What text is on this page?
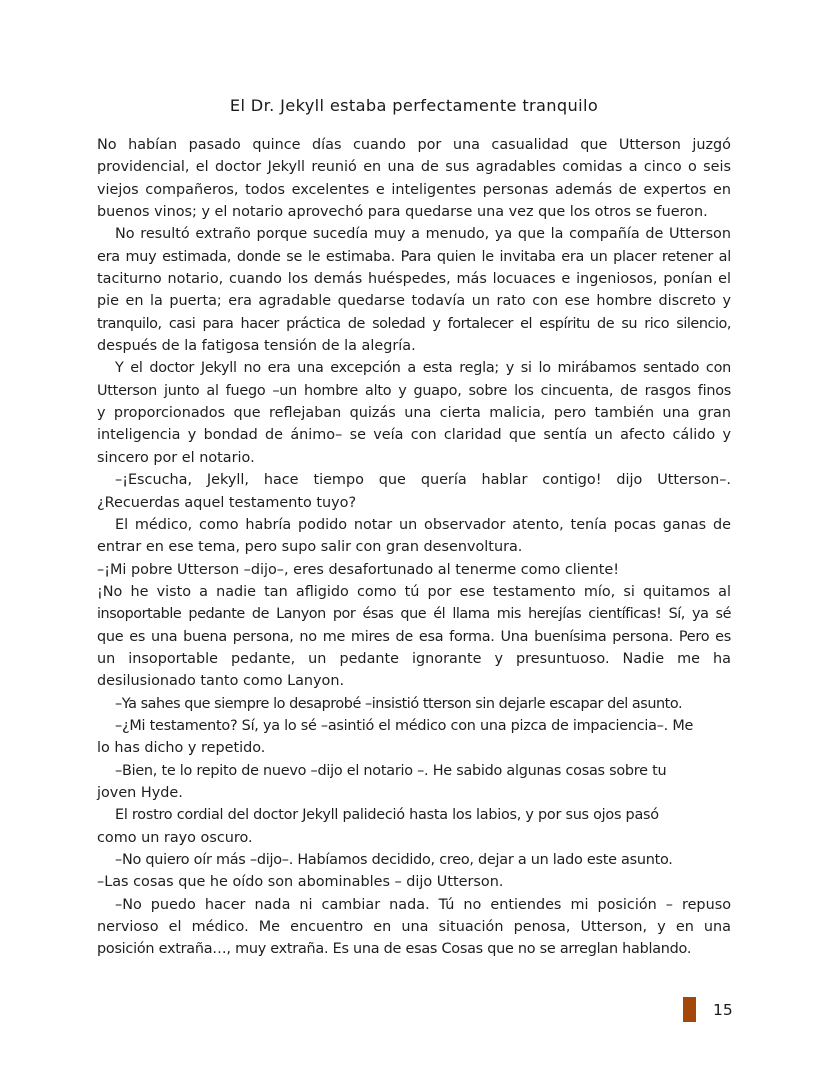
El Dr. Jekyll estaba perfectamente tranquilo
No habían pasado quince días cuando por una casualidad que Utterson juzgó
providencial, el doctor Jekyll reunió en una de sus agradables comidas a cinco o seis
viejos compañeros, todos excelentes e inteligentes personas además de expertos en
buenos vinos; y el notario aprovechó para quedarse una vez que los otros se fueron.
No resultó extraño porque sucedía muy a menudo, ya que la compañía de Utterson
era muy estimada, donde se le estimaba. Para quien le invitaba era un placer retener al
taciturno notario, cuando los demás huéspedes, más locuaces e ingeniosos, ponían el
pie en la puerta; era agradable quedarse todavía un rato con ese hombre discreto y
tranquilo, casi para hacer práctica de soledad y fortalecer el espíritu de su rico silencio,
después de la fatigosa tensión de la alegría.
Y el doctor Jekyll no era una excepción a esta regla; y si lo mirábamos sentado con
Utterson junto al fuego –un hombre alto y guapo, sobre los cincuenta, de rasgos finos
y proporcionados que reflejaban quizás una cierta malicia, pero también una gran
inteligencia y bondad de ánimo– se veía con claridad que sentía un afecto cálido y
sincero por el notario.
–¡Escucha, Jekyll, hace tiempo que quería hablar contigo! dijo Utterson–.
¿Recuerdas aquel testamento tuyo?
El médico, como habría podido notar un observador atento, tenía pocas ganas de
entrar en ese tema, pero supo salir con gran desenvoltura.
–¡Mi pobre Utterson –dijo–, eres desafortunado al tenerme como cliente!
¡No he visto a nadie tan afligido como tú por ese testamento mío, si quitamos al
insoportable pedante de Lanyon por ésas que él llama mis herejías científicas! Sí, ya sé
que es una buena persona, no me mires de esa forma. Una buenísima persona. Pero es
un insoportable pedante, un pedante ignorante y presuntuoso. Nadie me ha
desilusionado tanto como Lanyon.
–Ya sahes que siempre lo desaprobé –insistió tterson sin dejarle escapar del asunto.
–¿Mi testamento? Sí, ya lo sé –asintió el médico con una pizca de impaciencia–. Me
lo has dicho y repetido.
–Bien, te lo repito de nuevo –dijo el notario –. He sabido algunas cosas sobre tu
joven Hyde.
El rostro cordial del doctor Jekyll palideció hasta los labios, y por sus ojos pasó
como un rayo oscuro.
–No quiero oír más –dijo–. Habíamos decidido, creo, dejar a un lado este asunto.
–Las cosas que he oído son abominables – dijo Utterson.
–No puedo hacer nada ni cambiar nada. Tú no entiendes mi posición – repuso
nervioso el médico. Me encuentro en una situación penosa, Utterson, y en una
posición extraña…, muy extraña. Es una de esas Cosas que no se arreglan hablando.
15
